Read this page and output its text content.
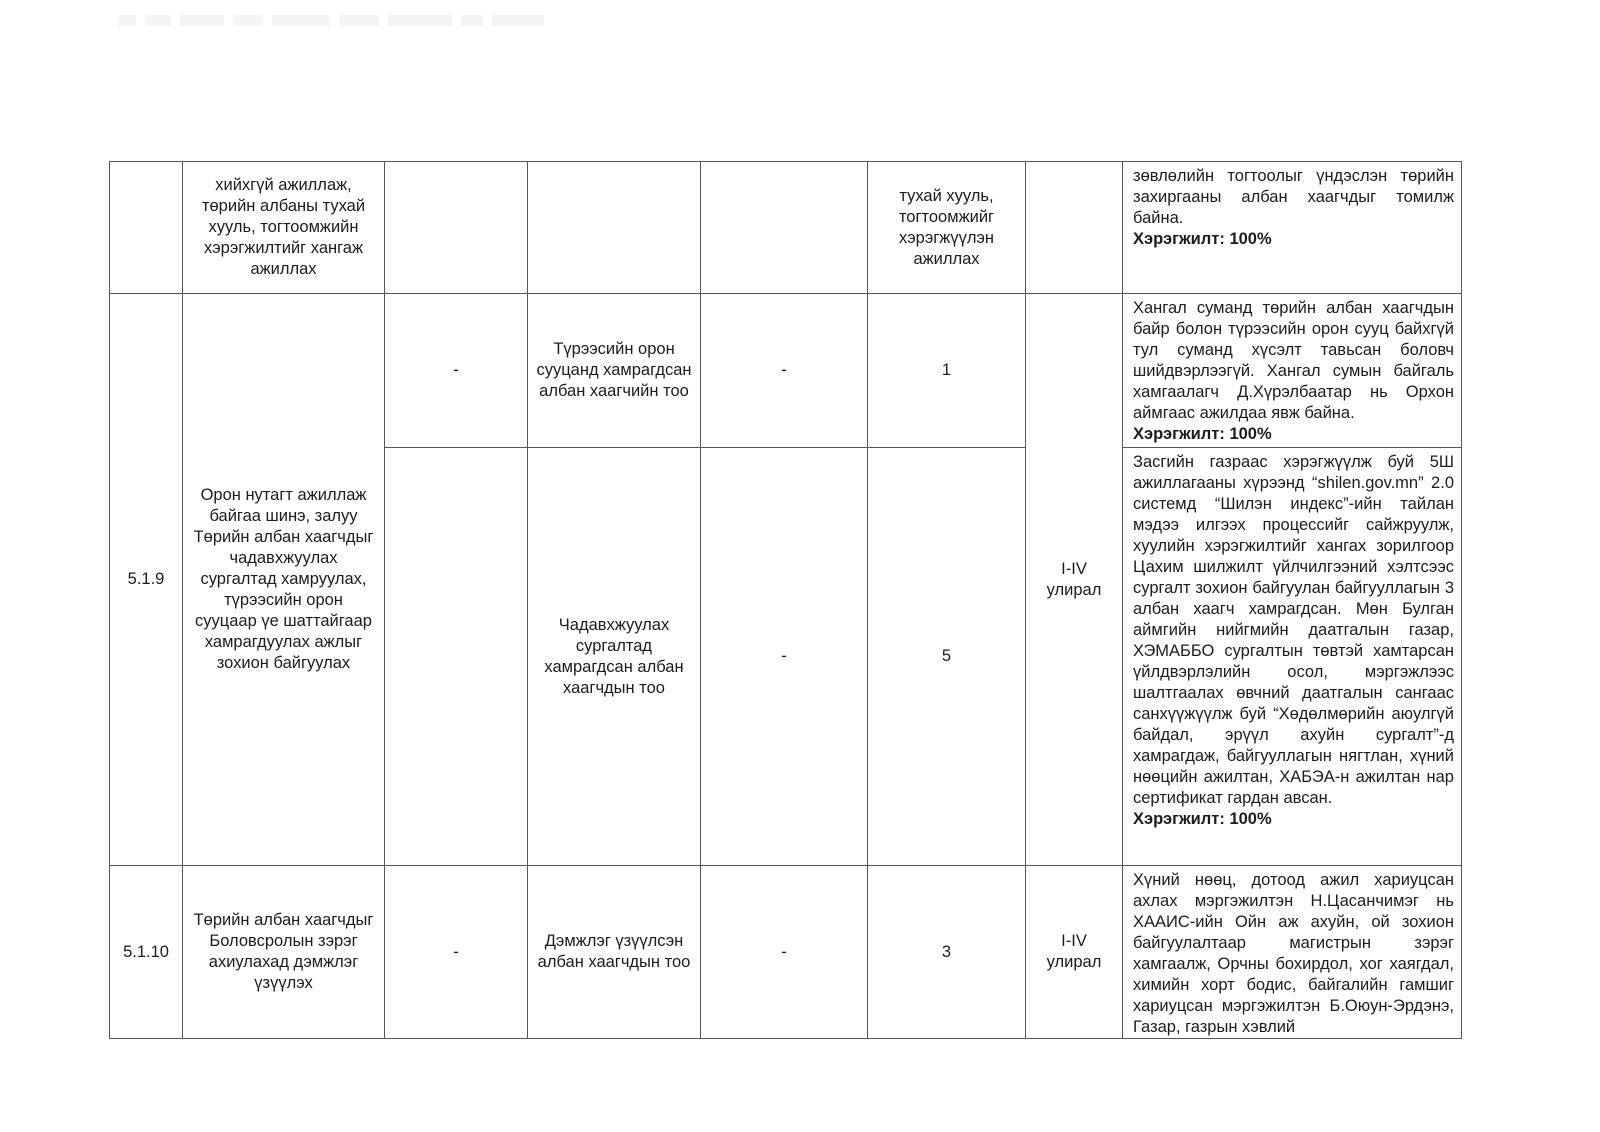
хийхгүй ажиллаж, төрийн албаны тухай хууль, тогтоомжийн хэрэгжилтийг хангаж ажиллах
тухай хууль, тогтоомжийг хэрэгжүүлэн ажиллах

зөвлөлийн тогтоолыг үндэслэн төрийн захиргааны албан хаагчдыг томилж байна.

Хэрэгжилт: 100%

5.1.9
Орон нутагт ажиллаж байгаа шинэ, залуу Төрийн албан хаагчдыг чадавхжуулах сургалтад хамруулах, түрээсийн орон сууцаар үе шаттайгаар хамрагдуулах ажлыг зохион байгуулах
-
Түрээсийн орон сууцанд хамрагдсан албан хаагчийн тоо
Чадавхжуулах сургалтад хамрагдсан албан хаагчдын тоо
-
-
1
5
I-IV улирал

Хангал суманд төрийн албан хаагчдын байр болон түрээсийн орон сууц байхгүй тул суманд хүсэлт тавьсан боловч шийдвэрлээгүй. Хангал сумын байгаль хамгаалагч Д.Хүрэлбаатар нь Орхон аймгаас ажилдаа явж байна.

Хэрэгжилт: 100%

Засгийн газраас хэрэгжүүлж буй 5Ш ажиллагааны хүрээнд “shilen.gov.mn” 2.0 системд “Шилэн индекс”-ийн тайлан мэдээ илгээх процессийг сайжруулж, хуулийн хэрэгжилтийг хангах зорилгоор Цахим шилжилт үйлчилгээний хэлтсээс сургалт зохион байгуулан байгууллагын 3 албан хаагч хамрагдсан. Мөн Булган аймгийн нийгмийн даатгалын газар, ХЭМАББО сургалтын төвтэй хамтарсан үйлдвэрлэлийн осол, мэргэжлээс шалтгаалах өвчний даатгалын сангаас санхүүжүүлж буй “Хөдөлмөрийн аюулгүй байдал, эрүүл ахуйн сургалт”-д хамрагдаж, байгууллагын нягтлан, хүний нөөцийн ажилтан, ХАБЭА-н ажилтан нар сертификат гардан авсан.

Хэрэгжилт: 100%

5.1.10
Төрийн албан хаагчдыг Боловсролын зэрэг ахиулахад дэмжлэг үзүүлэх
-
Дэмжлэг үзүүлсэн албан хаагчдын тоо
-	3
I-IV улирал

Хүний нөөц, дотоод ажил хариуцсан ахлах мэргэжилтэн Н.Цасанчимэг нь ХААИС-ийн Ойн аж ахуйн, ой зохион байгуулалтаар магистрын зэрэг хамгаалж, Орчны бохирдол, хог хаягдал, химийн хорт бодис, байгалийн гамшиг хариуцсан мэргэжилтэн Б.Оюун-Эрдэнэ, Газар, газрын хэвлий
